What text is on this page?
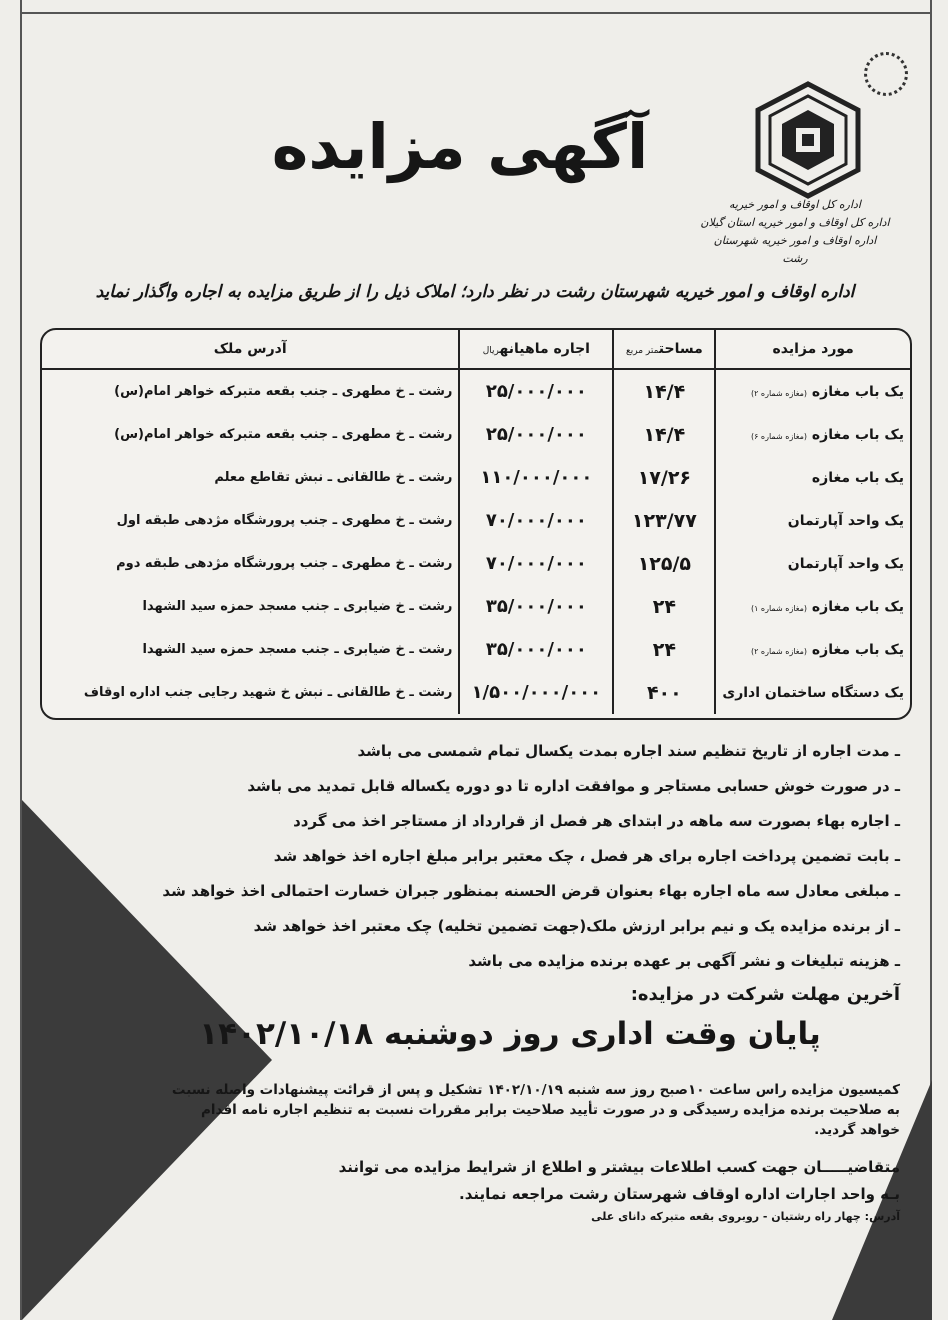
اداره کل اوقاف و امور خیریه
اداره کل اوقاف و امور خیریه استان گیلان
اداره اوقاف و امور خیریه شهرستان رشت
آگهی مزایده
اداره اوقاف و امور خیریه شهرستان رشت در نظر دارد؛ املاک ذیل را از طریق مزایده به اجاره واگذار نماید
مورد مزایده	مساحتمتر مربع	اجاره ماهیانهریال	آدرس ملک
یک باب مغازه (مغازه شماره ۲)	۱۴/۴	۲۵/۰۰۰/۰۰۰	رشت ـ خ مطهری ـ جنب بقعه متبرکه خواهر امام(س)
یک باب مغازه (مغازه شماره ۶)	۱۴/۴	۲۵/۰۰۰/۰۰۰	رشت ـ خ مطهری ـ جنب بقعه متبرکه خواهر امام(س)
یک باب مغازه	۱۷/۲۶	۱۱۰/۰۰۰/۰۰۰	رشت ـ خ طالقانی ـ نبش تقاطع معلم
یک واحد آپارتمان	۱۲۳/۷۷	۷۰/۰۰۰/۰۰۰	رشت ـ خ مطهری ـ جنب پرورشگاه مژدهی طبقه اول
یک واحد آپارتمان	۱۲۵/۵	۷۰/۰۰۰/۰۰۰	رشت ـ خ مطهری ـ جنب پرورشگاه مژدهی طبقه دوم
یک باب مغازه (مغازه شماره ۱)	۲۴	۳۵/۰۰۰/۰۰۰	رشت ـ خ ضیابری ـ جنب مسجد حمزه سید الشهدا
یک باب مغازه (مغازه شماره ۲)	۲۴	۳۵/۰۰۰/۰۰۰	رشت ـ خ ضیابری ـ جنب مسجد حمزه سید الشهدا
یک دستگاه ساختمان اداری	۴۰۰	۱/۵۰۰/۰۰۰/۰۰۰	رشت ـ خ طالقانی ـ نبش خ شهید رجایی جنب اداره اوقاف
ـ مدت اجاره از تاریخ تنظیم سند اجاره بمدت یکسال تمام شمسی می باشد
ـ در صورت خوش حسابی مستاجر و موافقت اداره تا دو دوره یکساله قابل تمدید می باشد
ـ اجاره بهاء بصورت سه ماهه در ابتدای هر فصل از قرارداد از مستاجر اخذ می گردد
ـ بابت تضمین پرداخت اجاره برای هر فصل ، چک معتبر برابر مبلغ اجاره اخذ خواهد شد
ـ مبلغی معادل سه ماه اجاره بهاء بعنوان قرض الحسنه بمنظور جبران خسارت احتمالی اخذ خواهد شد
ـ از برنده مزایده یک و نیم برابر ارزش ملک(جهت تضمین تخلیه) چک معتبر اخذ خواهد شد
ـ هزینه تبلیغات و نشر آگهی بر عهده برنده مزایده می باشد
آخرین مهلت شرکت در مزایده:
پایان وقت اداری روز دوشنبه ۱۴۰۲/۱۰/۱۸
کمیسیون مزایده راس ساعت ۱۰صبح روز سه شنبه ۱۴۰۲/۱۰/۱۹ تشکیل و پس از قرائت پیشنهادات واصله نسبت به صلاحیت برنده مزایده رسیدگی و در صورت تأیید صلاحیت برابر مقررات نسبت به تنظیم اجاره نامه اقدام خواهد گردید.
متقاضیـــــان جهت کسب اطلاعات بیشتر و اطلاع از شرایط مزایده می توانند
بـه واحد اجارات اداره اوقاف شهرستان رشت مراجعه نمایند.
آدرس: چهار راه رشتیان - روبروی بقعه متبرکه دانای علی
